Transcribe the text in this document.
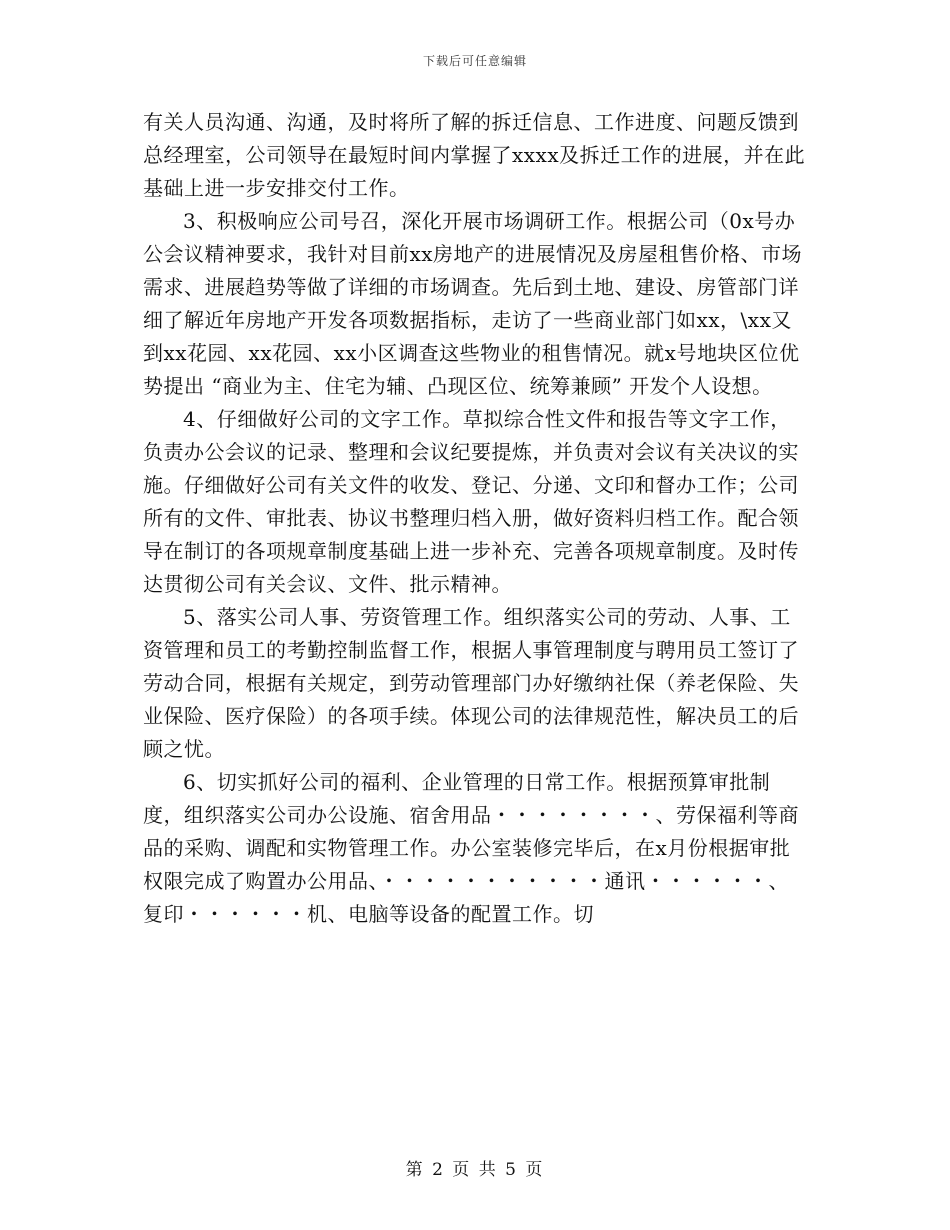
下载后可任意编辑

有关人员沟通、沟通，及时将所了解的拆迁信息、工作进度、问题反馈到总经理室，公司领导在最短时间内掌握了xxxx及拆迁工作的进展，并在此基础上进一步安排交付工作。

3、积极响应公司号召，深化开展市场调研工作。根据公司（0x号办公会议精神要求，我针对目前xx房地产的进展情况及房屋租售价格、市场需求、进展趋势等做了详细的市场调查。先后到土地、建设、房管部门详细了解近年房地产开发各项数据指标，走访了一些商业部门如xx，\xx又到xx花园、xx花园、xx小区调查这些物业的租售情况。就x号地块区位优势提出 “商业为主、住宅为辅、凸现区位、统筹兼顾” 开发个人设想。

4、仔细做好公司的文字工作。草拟综合性文件和报告等文字工作，负责办公会议的记录、整理和会议纪要提炼，并负责对会议有关决议的实施。仔细做好公司有关文件的收发、登记、分递、文印和督办工作；公司所有的文件、审批表、协议书整理归档入册，做好资料归档工作。配合领导在制订的各项规章制度基础上进一步补充、完善各项规章制度。及时传达贯彻公司有关会议、文件、批示精神。

5、落实公司人事、劳资管理工作。组织落实公司的劳动、人事、工资管理和员工的考勤控制监督工作，根据人事管理制度与聘用员工签订了劳动合同，根据有关规定，到劳动管理部门办好缴纳社保（养老保险、失业保险、医疗保险）的各项手续。体现公司的法律规范性，解决员工的后顾之忧。

6、切实抓好公司的福利、企业管理的日常工作。根据预算审批制度，组织落实公司办公设施、宿舍用品・・・・・・・・、劳保福利等商品的采购、调配和实物管理工作。办公室装修完毕后，在x月份根据审批权限完成了购置办公用品、・・・・・・・・・・・通讯・・・・・・、复印・・・・・・机、电脑等设备的配置工作。切

第 2 页 共 5 页
